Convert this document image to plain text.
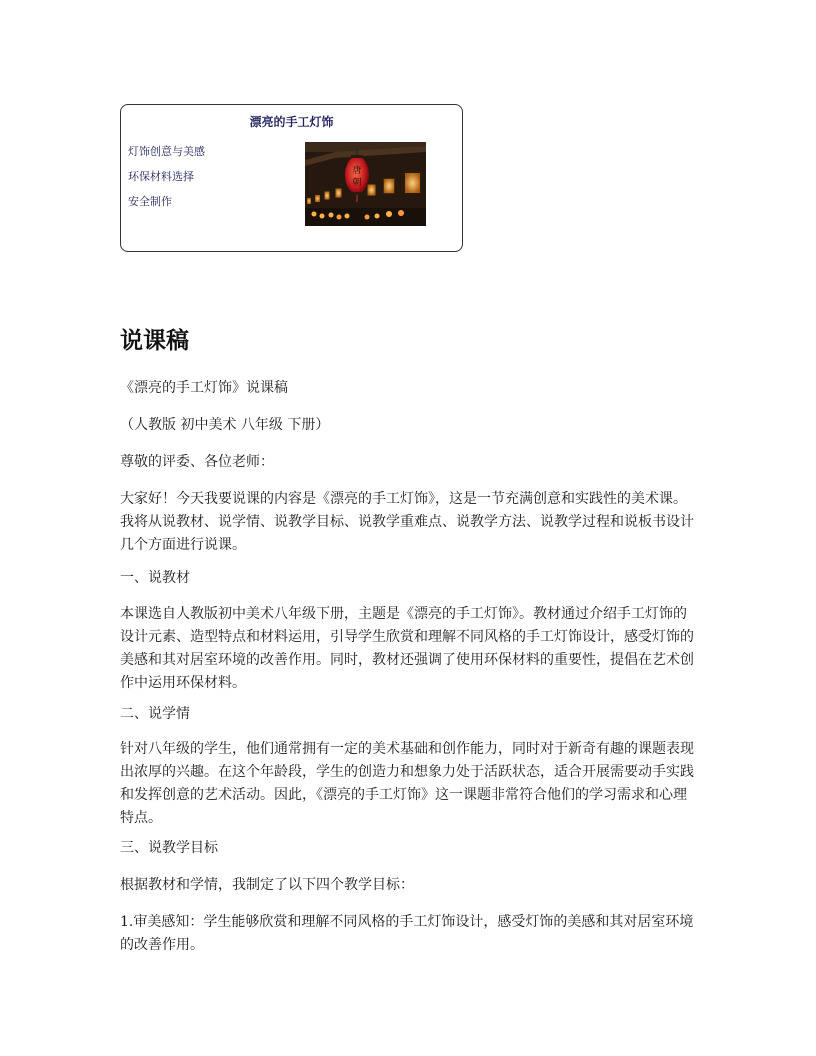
漂亮的手工灯饰
灯饰创意与美感
环保材料选择
安全制作
唐
朝
说课稿

《漂亮的手工灯饰》说课稿

（人教版 初中美术 八年级 下册）

尊敬的评委、各位老师：

大家好！今天我要说课的内容是《漂亮的手工灯饰》，这是一节充满创意和实践性的美术课。我将从说教材、说学情、说教学目标、说教学重难点、说教学方法、说教学过程和说板书设计几个方面进行说课。

一、说教材

本课选自人教版初中美术八年级下册，主题是《漂亮的手工灯饰》。教材通过介绍手工灯饰的设计元素、造型特点和材料运用，引导学生欣赏和理解不同风格的手工灯饰设计，感受灯饰的美感和其对居室环境的改善作用。同时，教材还强调了使用环保材料的重要性，提倡在艺术创作中运用环保材料。

二、说学情

针对八年级的学生，他们通常拥有一定的美术基础和创作能力，同时对于新奇有趣的课题表现出浓厚的兴趣。在这个年龄段，学生的创造力和想象力处于活跃状态，适合开展需要动手实践和发挥创意的艺术活动。因此，《漂亮的手工灯饰》这一课题非常符合他们的学习需求和心理特点。

三、说教学目标

根据教材和学情，我制定了以下四个教学目标：

1.审美感知：学生能够欣赏和理解不同风格的手工灯饰设计，感受灯饰的美感和其对居室环境的改善作用。
